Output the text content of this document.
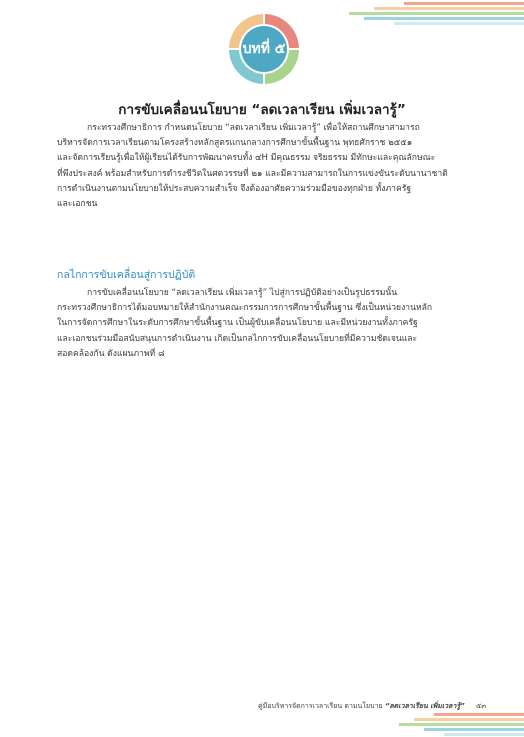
บทที่ ๕
การขับเคลื่อนนโยบาย “ลดเวลาเรียน เพิ่มเวลารู้”
กระทรวงศึกษาธิการ กำหนดนโยบาย “ลดเวลาเรียน เพิ่มเวลารู้” เพื่อให้สถานศึกษาสามารถ
บริหารจัดการเวลาเรียนตามโครงสร้างหลักสูตรแกนกลางการศึกษาขั้นพื้นฐาน พุทธศักราช ๒๕๕๑
และจัดการเรียนรู้เพื่อให้ผู้เรียนได้รับการพัฒนาครบทั้ง ๔H มีคุณธรรม จริยธรรม มีทักษะและคุณลักษณะ
ที่พึงประสงค์ พร้อมสำหรับการดำรงชีวิตในศตวรรษที่ ๒๑ และมีความสามารถในการแข่งขันระดับนานาชาติ
การดำเนินงานตามนโยบายให้ประสบความสำเร็จ จึงต้องอาศัยความร่วมมือของทุกฝ่าย ทั้งภาครัฐ
และเอกชน
กลไกการขับเคลื่อนสู่การปฏิบัติ
การขับเคลื่อนนโยบาย “ลดเวลาเรียน เพิ่มเวลารู้” ไปสู่การปฏิบัติอย่างเป็นรูปธรรมนั้น
กระทรวงศึกษาธิการได้มอบหมายให้สำนักงานคณะกรรมการการศึกษาขั้นพื้นฐาน ซึ่งเป็นหน่วยงานหลัก
ในการจัดการศึกษาในระดับการศึกษาขั้นพื้นฐาน เป็นผู้ขับเคลื่อนนโยบาย และมีหน่วยงานทั้งภาครัฐ
และเอกชนร่วมมือสนับสนุนการดำเนินงาน เกิดเป็นกลไกการขับเคลื่อนนโยบายที่มีความชัดเจนและ
สอดคล้องกัน ดังแผนภาพที่ ๘
คู่มือบริหารจัดการเวลาเรียน ตามนโยบาย “ลดเวลาเรียน เพิ่มเวลารู้” ๕๓
